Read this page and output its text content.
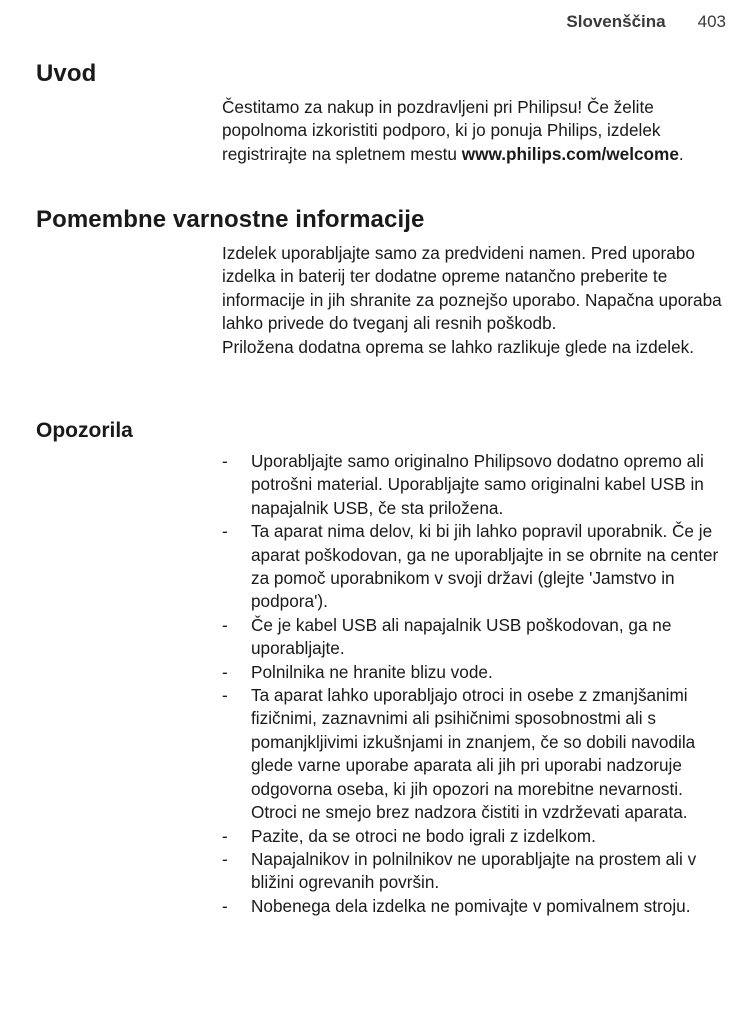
Slovenščina 403
Uvod

Čestitamo za nakup in pozdravljeni pri Philipsu! Če želite popolnoma izkoristiti podporo, ki jo ponuja Philips, izdelek registrirajte na spletnem mestu www.philips.com/welcome.

Pomembne varnostne informacije

Izdelek uporabljajte samo za predvideni namen. Pred uporabo izdelka in baterij ter dodatne opreme natančno preberite te informacije in jih shranite za poznejšo uporabo. Napačna uporaba lahko privede do tveganj ali resnih poškodb.

Priložena dodatna oprema se lahko razlikuje glede na izdelek.

Opozorila
- Uporabljajte samo originalno Philipsovo dodatno opremo ali potrošni material. Uporabljajte samo originalni kabel USB in napajalnik USB, če sta priložena.
- Ta aparat nima delov, ki bi jih lahko popravil uporabnik. Če je aparat poškodovan, ga ne uporabljajte in se obrnite na center za pomoč uporabnikom v svoji državi (glejte 'Jamstvo in podpora').
- Če je kabel USB ali napajalnik USB poškodovan, ga ne uporabljajte.
- Polnilnika ne hranite blizu vode.
- Ta aparat lahko uporabljajo otroci in osebe z zmanjšanimi fizičnimi, zaznavnimi ali psihičnimi sposobnostmi ali s pomanjkljivimi izkušnjami in znanjem, če so dobili navodila glede varne uporabe aparata ali jih pri uporabi nadzoruje odgovorna oseba, ki jih opozori na morebitne nevarnosti. Otroci ne smejo brez nadzora čistiti in vzdrževati aparata.
- Pazite, da se otroci ne bodo igrali z izdelkom.
- Napajalnikov in polnilnikov ne uporabljajte na prostem ali v bližini ogrevanih površin.
- Nobenega dela izdelka ne pomivajte v pomivalnem stroju.
